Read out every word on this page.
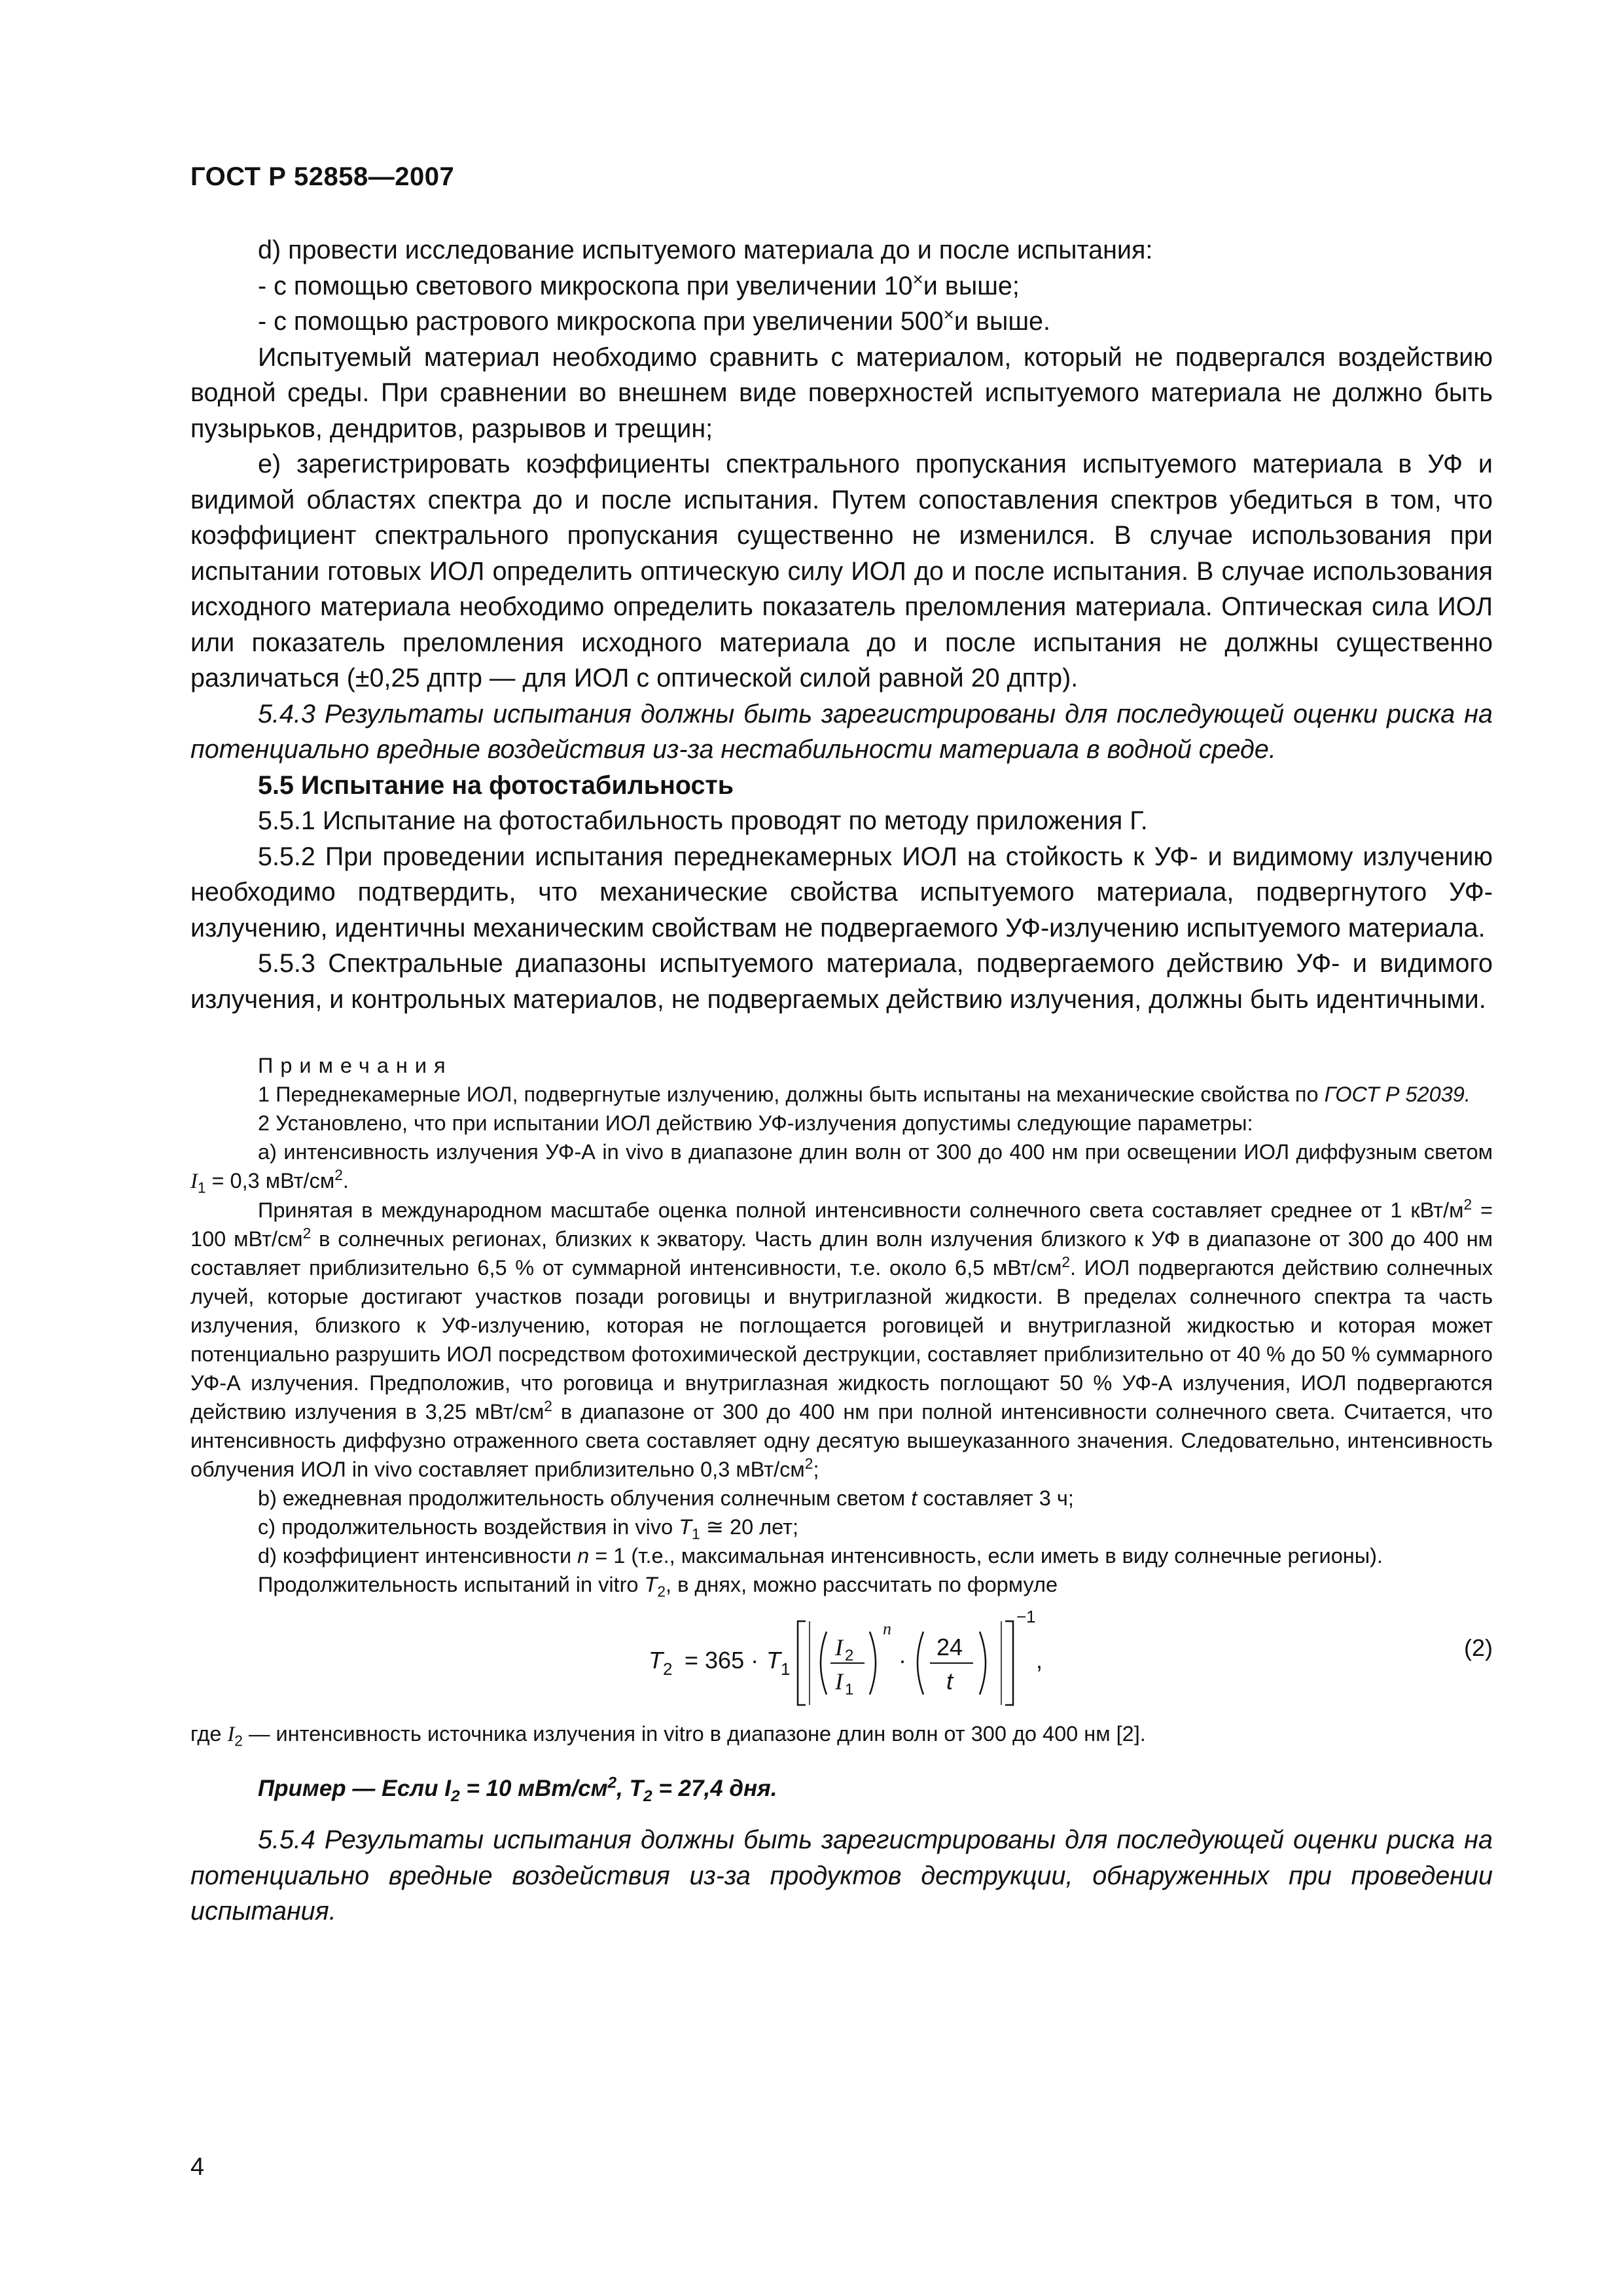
ГОСТ Р 52858—2007

d) провести исследование испытуемого материала до и после испытания:

- с помощью светового микроскопа при увеличении 10×и выше;

- с помощью растрового микроскопа при увеличении 500×и выше.

Испытуемый материал необходимо сравнить с материалом, который не подвергался воздействию водной среды. При сравнении во внешнем виде поверхностей испытуемого материала не должно быть пузырьков, дендритов, разрывов и трещин;

е) зарегистрировать коэффициенты спектрального пропускания испытуемого материала в УФ и видимой областях спектра до и после испытания. Путем сопоставления спектров убедиться в том, что коэффициент спектрального пропускания существенно не изменился. В случае использования при испытании готовых ИОЛ определить оптическую силу ИОЛ до и после испытания. В случае использования исходного материала необходимо определить показатель преломления материала. Оптическая сила ИОЛ или показатель преломления исходного материала до и после испытания не должны существенно различаться (±0,25 дптр — для ИОЛ с оптической силой равной 20 дптр).

5.4.3 Результаты испытания должны быть зарегистрированы для последующей оценки риска на потенциально вредные воздействия из-за нестабильности материала в водной среде.

5.5 Испытание на фотостабильность

5.5.1 Испытание на фотостабильность проводят по методу приложения Г.

5.5.2 При проведении испытания переднекамерных ИОЛ на стойкость к УФ- и видимому излучению необходимо подтвердить, что механические свойства испытуемого материала, подвергнутого УФ-излучению, идентичны механическим свойствам не подвергаемого УФ-излучению испытуемого материала.

5.5.3 Спектральные диапазоны испытуемого материала, подвергаемого действию УФ- и видимого излучения, и контрольных материалов, не подвергаемых действию излучения, должны быть идентичными.

Примечания

1 Переднекамерные ИОЛ, подвергнутые излучению, должны быть испытаны на механические свойства по ГОСТ Р 52039.

2 Установлено, что при испытании ИОЛ действию УФ-излучения допустимы следующие параметры:

а) интенсивность излучения УФ-А in vivo в диапазоне длин волн от 300 до 400 нм при освещении ИОЛ диффузным светом $I_1 = 0,3$ мВт/$см^2$.

Принятая в международном масштабе оценка полной интенсивности солнечного света составляет среднее от 1 кВт/$м^2 = 100$ мВт/$см^2$ в солнечных регионах, близких к экватору. Часть длин волн излучения близкого к УФ в диапазоне от 300 до 400 нм составляет приблизительно 6,5 % от суммарной интенсивности, т.е. около 6,5 мВт/$см^2$. ИОЛ подвергаются действию солнечных лучей, которые достигают участков позади роговицы и внутриглазной жидкости. В пределах солнечного спектра та часть излучения, близкого к УФ-излучению, которая не поглощается роговицей и внутриглазной жидкостью и которая может потенциально разрушить ИОЛ посредством фотохимической деструкции, составляет приблизительно от 40 % до 50 % суммарного УФ-А излучения. Предположив, что роговица и внутриглазная жидкость поглощают 50 % УФ-А излучения, ИОЛ подвергаются действию излучения в 3,25 мВт/$см^2$ в диапазоне от 300 до 400 нм при полной интенсивности солнечного света. Считается, что интенсивность диффузно отраженного света составляет одну десятую вышеуказанного значения. Следовательно, интенсивность облучения ИОЛ in vivo составляет приблизительно 0,3 мВт/$см^2$;

b) ежедневная продолжительность облучения солнечным светом t составляет 3 ч;

с) продолжительность воздействия in vivo $T_1$ ≅ 20 лет;

d) коэффициент интенсивности n = 1 (т.е., максимальная интенсивность, если иметь в виду солнечные регионы).

Продолжительность испытаний in vitro $T_2$, в днях, можно рассчитать по формуле

T 2 = 365 · T 1
I 2
I 1
n
· 24
t
−1
,	(2)

где $I_2$ — интенсивность источника излучения in vitro в диапазоне длин волн от 300 до 400 нм [2].

Пример — Если $I_2 = 10$ мВт/$см^2$, $T_2 = 27,4$ дня.

5.5.4 Результаты испытания должны быть зарегистрированы для последующей оценки риска на потенциально вредные воздействия из-за продуктов деструкции, обнаруженных при проведении испытания.

4
